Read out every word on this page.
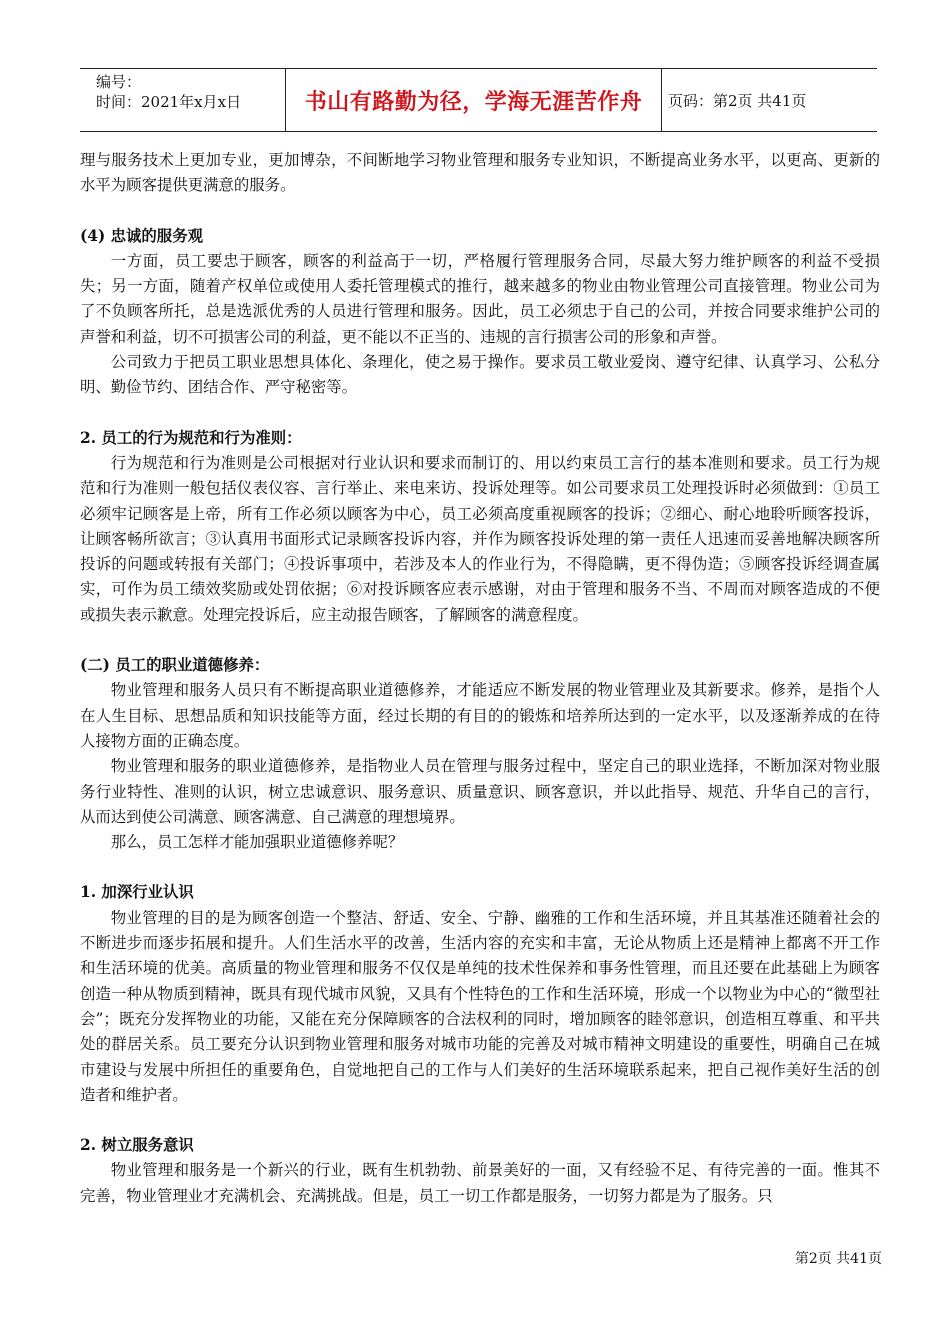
编号：
时间：2021年x月x日	书山有路勤为径，学海无涯苦作舟 页码：第2页 共41页

理与服务技术上更加专业，更加博杂，不间断地学习物业管理和服务专业知识，不断提高业务水平，以更高、更新的水平为顾客提供更满意的服务。

(4) 忠诚的服务观

一方面，员工要忠于顾客，顾客的利益高于一切，严格履行管理服务合同，尽最大努力维护顾客的利益不受损失；另一方面，随着产权单位或使用人委托管理模式的推行，越来越多的物业由物业管理公司直接管理。物业公司为了不负顾客所托，总是选派优秀的人员进行管理和服务。因此，员工必须忠于自己的公司，并按合同要求维护公司的声誉和利益，切不可损害公司的利益，更不能以不正当的、违规的言行损害公司的形象和声誉。

公司致力于把员工职业思想具体化、条理化，使之易于操作。要求员工敬业爱岗、遵守纪律、认真学习、公私分明、勤俭节约、团结合作、严守秘密等。

2. 员工的行为规范和行为准则：

行为规范和行为准则是公司根据对行业认识和要求而制订的、用以约束员工言行的基本准则和要求。员工行为规范和行为准则一般包括仪表仪容、言行举止、来电来访、投诉处理等。如公司要求员工处理投诉时必须做到：①员工必须牢记顾客是上帝，所有工作必须以顾客为中心，员工必须高度重视顾客的投诉；②细心、耐心地聆听顾客投诉，让顾客畅所欲言；③认真用书面形式记录顾客投诉内容，并作为顾客投诉处理的第一责任人迅速而妥善地解决顾客所投诉的问题或转报有关部门；④投诉事项中，若涉及本人的作业行为，不得隐瞒，更不得伪造；⑤顾客投诉经调查属实，可作为员工绩效奖励或处罚依据；⑥对投诉顾客应表示感谢，对由于管理和服务不当、不周而对顾客造成的不便或损失表示歉意。处理完投诉后，应主动报告顾客，了解顾客的满意程度。

(二) 员工的职业道德修养：

物业管理和服务人员只有不断提高职业道德修养，才能适应不断发展的物业管理业及其新要求。修养，是指个人在人生目标、思想品质和知识技能等方面，经过长期的有目的的锻炼和培养所达到的一定水平，以及逐渐养成的在待人接物方面的正确态度。

物业管理和服务的职业道德修养，是指物业人员在管理与服务过程中，坚定自己的职业选择，不断加深对物业服务行业特性、准则的认识，树立忠诚意识、服务意识、质量意识、顾客意识，并以此指导、规范、升华自己的言行，从而达到使公司满意、顾客满意、自己满意的理想境界。

那么，员工怎样才能加强职业道德修养呢？

1. 加深行业认识

物业管理的目的是为顾客创造一个整洁、舒适、安全、宁静、幽雅的工作和生活环境，并且其基准还随着社会的不断进步而逐步拓展和提升。人们生活水平的改善，生活内容的充实和丰富，无论从物质上还是精神上都离不开工作和生活环境的优美。高质量的物业管理和服务不仅仅是单纯的技术性保养和事务性管理，而且还要在此基础上为顾客创造一种从物质到精神，既具有现代城市风貌，又具有个性特色的工作和生活环境，形成一个以物业为中心的“微型社会”；既充分发挥物业的功能，又能在充分保障顾客的合法权利的同时，增加顾客的睦邻意识，创造相互尊重、和平共处的群居关系。员工要充分认识到物业管理和服务对城市功能的完善及对城市精神文明建设的重要性，明确自己在城市建设与发展中所担任的重要角色，自觉地把自己的工作与人们美好的生活环境联系起来，把自己视作美好生活的创造者和维护者。

2. 树立服务意识

物业管理和服务是一个新兴的行业，既有生机勃勃、前景美好的一面，又有经验不足、有待完善的一面。惟其不完善，物业管理业才充满机会、充满挑战。但是，员工一切工作都是服务，一切努力都是为了服务。只

第2页 共41页
